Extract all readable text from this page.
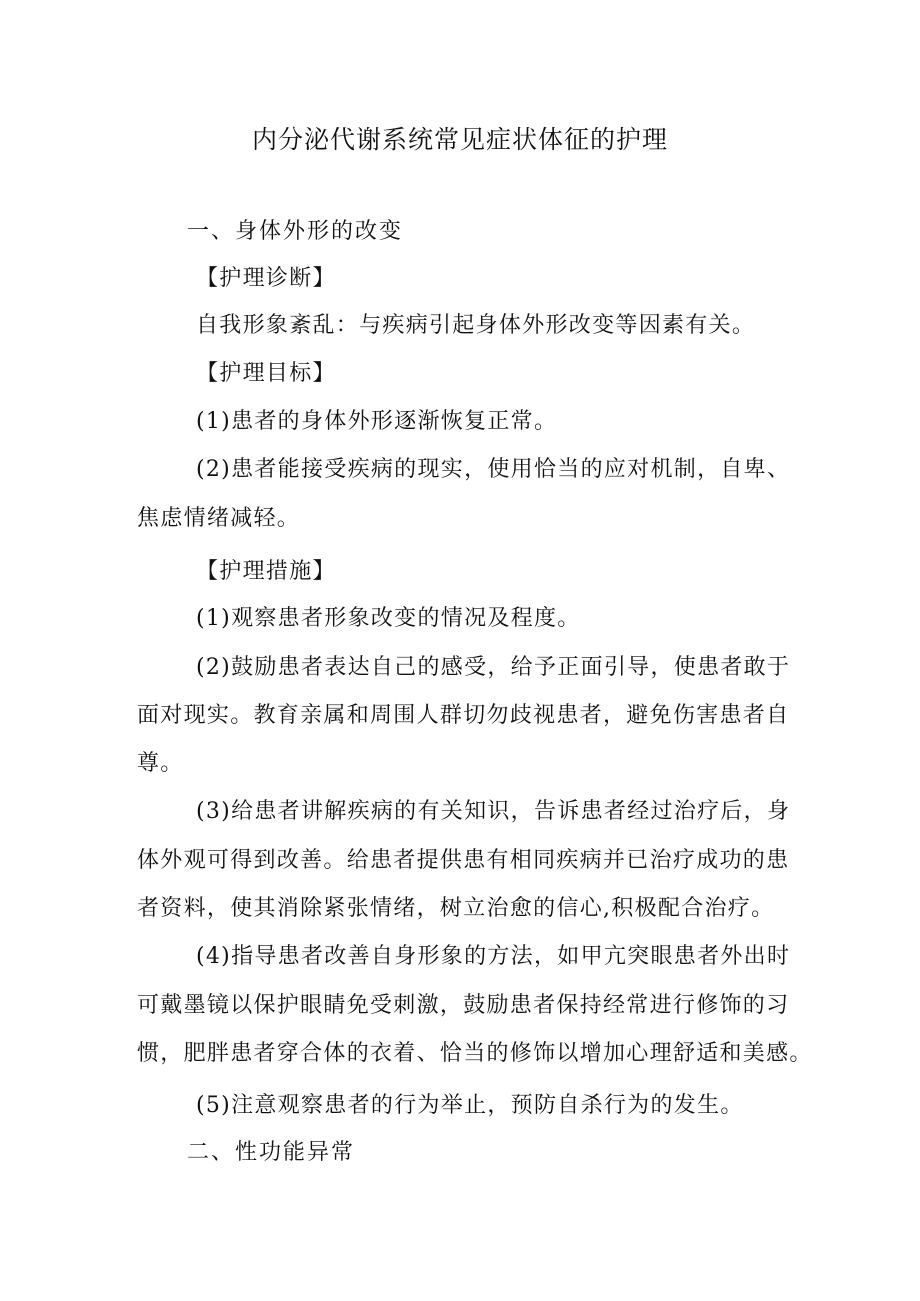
内分泌代谢系统常见症状体征的护理

一、身体外形的改变

【护理诊断】

自我形象紊乱：与疾病引起身体外形改变等因素有关。

【护理目标】

(1)患者的身体外形逐渐恢复正常。

(2)患者能接受疾病的现实，使用恰当的应对机制，自卑、

焦虑情绪减轻。

【护理措施】

(1)观察患者形象改变的情况及程度。

(2)鼓励患者表达自己的感受，给予正面引导，使患者敢于

面对现实。教育亲属和周围人群切勿歧视患者，避免伤害患者自

尊。

(3)给患者讲解疾病的有关知识，告诉患者经过治疗后，身

体外观可得到改善。给患者提供患有相同疾病并已治疗成功的患

者资料，使其消除紧张情绪，树立治愈的信心,积极配合治疗。

(4)指导患者改善自身形象的方法，如甲亢突眼患者外出时

可戴墨镜以保护眼睛免受刺激，鼓励患者保持经常进行修饰的习

惯，肥胖患者穿合体的衣着、恰当的修饰以增加心理舒适和美感。

(5)注意观察患者的行为举止，预防自杀行为的发生。

二、性功能异常
